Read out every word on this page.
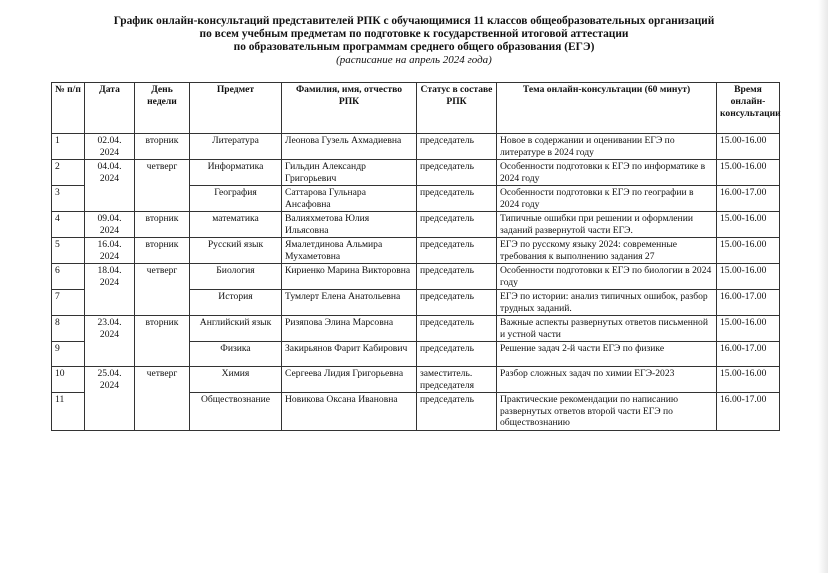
График онлайн-консультаций представителей РПК с обучающимися 11 классов общеобразовательных организаций
по всем учебным предметам по подготовке к государственной итоговой аттестации
по образовательным программам среднего общего образования (ЕГЭ)
(расписание на апрель 2024 года)
№ п/п	Дата	День недели	Предмет	Фамилия, имя, отчество РПК	Статус в составе РПК	Тема онлайн-консультации (60 минут)	Время онлайн-консультации
1	02.04. 2024	вторник	Литература	Леонова Гузель Ахмадиевна	председатель	Новое в содержании и оценивании ЕГЭ по литературе в 2024 году	15.00-16.00
2	04.04. 2024	четверг	Информатика	Гильдин Александр Григорьевич	председатель	Особенности подготовки к ЕГЭ по информатике в 2024 году	15.00-16.00
3			География	Саттарова Гульнара Ансафовна	председатель	Особенности подготовки к ЕГЭ по географии в 2024 году	16.00-17.00
4	09.04. 2024	вторник	математика	Валияхметова Юлия Ильясовна	председатель	Типичные ошибки при решении и оформлении заданий развернутой части ЕГЭ.	15.00-16.00
5	16.04. 2024	вторник	Русский язык	Ямалетдинова Альмира Мухаметовна	председатель	ЕГЭ по русскому языку 2024: современные требования к выполнению задания 27	15.00-16.00
6	18.04. 2024	четверг	Биология	Кириенко Марина Викторовна	председатель	Особенности подготовки к ЕГЭ по биологии в 2024 году	15.00-16.00
7			История	Тумлерт Елена Анатольевна	председатель	ЕГЭ по истории: анализ типичных ошибок, разбор трудных заданий.	16.00-17.00
8	23.04. 2024	вторник	Английский язык	Ризяпова Элина Марсовна	председатель	Важные аспекты развернутых ответов письменной и устной части	15.00-16.00
9			Физика	Закирьянов Фарит Кабирович	председатель	Решение задач 2-й части ЕГЭ по физике	16.00-17.00
10	25.04. 2024	четверг	Химия	Сергеева Лидия Григорьевна	заместитель. председателя	Разбор сложных задач по химии ЕГЭ-2023	15.00-16.00
11			Обществознание	Новикова Оксана Ивановна	председатель	Практические рекомендации по написанию развернутых ответов второй части ЕГЭ по обществознанию	16.00-17.00
